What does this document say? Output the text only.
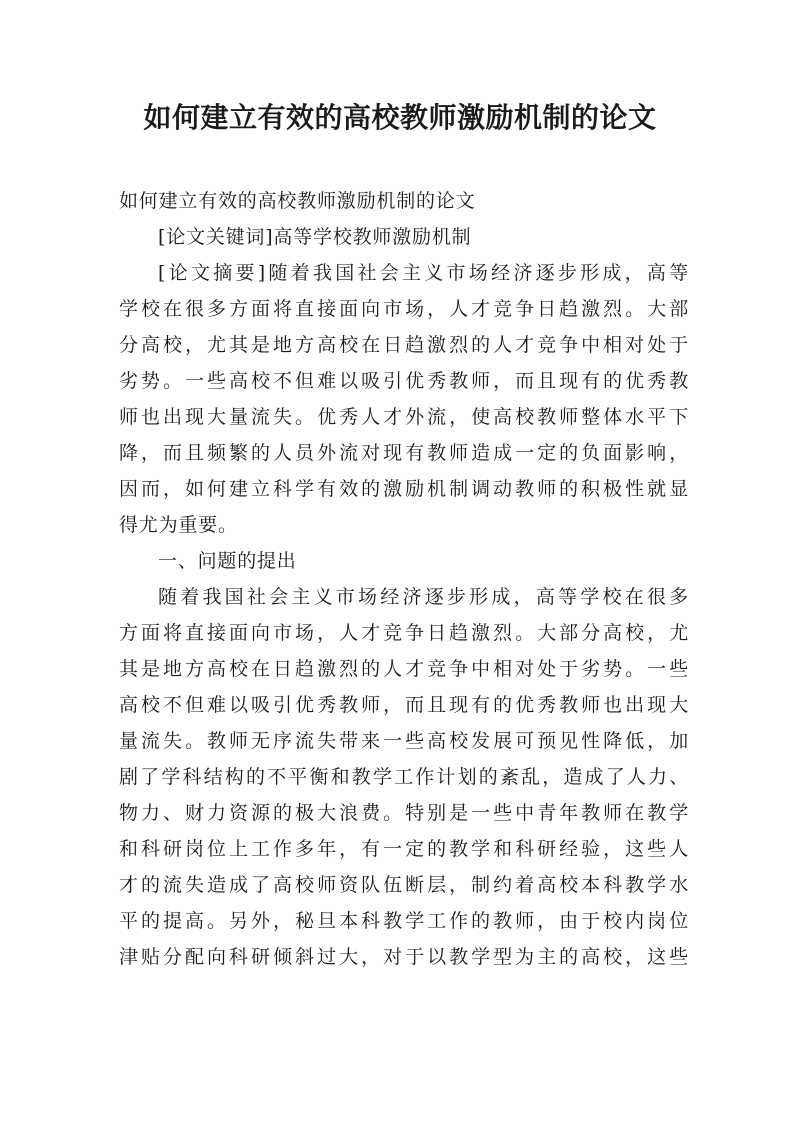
如何建立有效的高校教师激励机制的论文
如何建立有效的高校教师激励机制的论文
[论文关键词]高等学校教师激励机制
[论文摘要]随着我国社会主义市场经济逐步形成，高等
学校在很多方面将直接面向市场，人才竞争日趋激烈。大部
分高校，尤其是地方高校在日趋激烈的人才竞争中相对处于
劣势。一些高校不但难以吸引优秀教师，而且现有的优秀教
师也出现大量流失。优秀人才外流，使高校教师整体水平下
降，而且频繁的人员外流对现有教师造成一定的负面影响，
因而，如何建立科学有效的激励机制调动教师的积极性就显
得尤为重要。
一、问题的提出
随着我国社会主义市场经济逐步形成，高等学校在很多
方面将直接面向市场，人才竞争日趋激烈。大部分高校，尤
其是地方高校在日趋激烈的人才竞争中相对处于劣势。一些
高校不但难以吸引优秀教师，而且现有的优秀教师也出现大
量流失。教师无序流失带来一些高校发展可预见性降低，加
剧了学科结构的不平衡和教学工作计划的紊乱，造成了人力、
物力、财力资源的极大浪费。特别是一些中青年教师在教学
和科研岗位上工作多年，有一定的教学和科研经验，这些人
才的流失造成了高校师资队伍断层，制约着高校本科教学水
平的提高。另外，秘旦本科教学工作的教师，由于校内岗位
津贴分配向科研倾斜过大，对于以教学型为主的高校，这些
